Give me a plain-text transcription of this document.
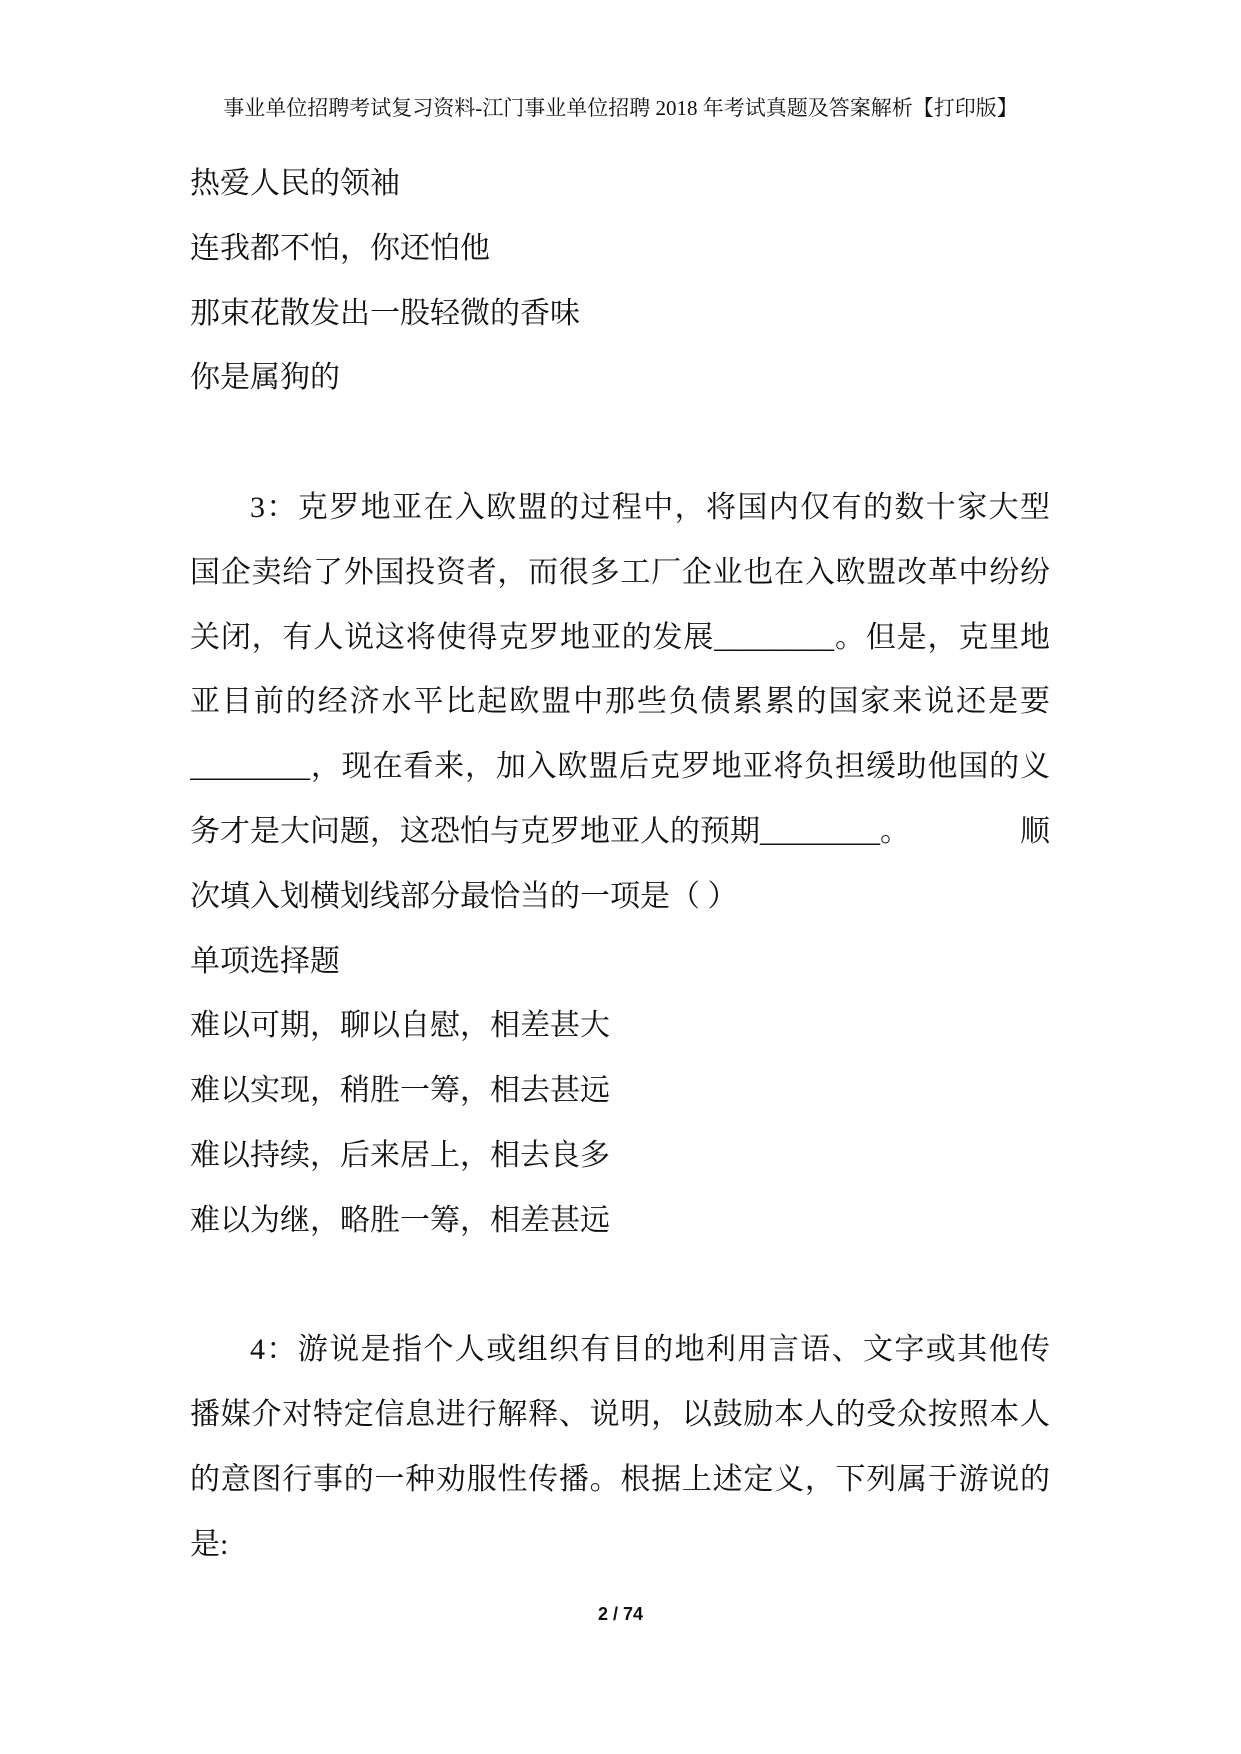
事业单位招聘考试复习资料-江门事业单位招聘 2018 年考试真题及答案解析【打印版】
热爱人民的领袖
连我都不怕，你还怕他
那束花散发出一股轻微的香味
你是属狗的
3：克罗地亚在入欧盟的过程中，将国内仅有的数十家大型
国企卖给了外国投资者，而很多工厂企业也在入欧盟改革中纷纷
关闭，有人说这将使得克罗地亚的发展________。但是，克里地
亚目前的经济水平比起欧盟中那些负债累累的国家来说还是要
________，现在看来，加入欧盟后克罗地亚将负担缓助他国的义
务才是大问题，这恐怕与克罗地亚人的预期________。	顺
次填入划横划线部分最恰当的一项是（ ）
单项选择题
难以可期，聊以自慰，相差甚大
难以实现，稍胜一筹，相去甚远
难以持续，后来居上，相去良多
难以为继，略胜一筹，相差甚远
4：游说是指个人或组织有目的地利用言语、文字或其他传
播媒介对特定信息进行解释、说明，以鼓励本人的受众按照本人
的意图行事的一种劝服性传播。根据上述定义，下列属于游说的
是:
2 / 74
